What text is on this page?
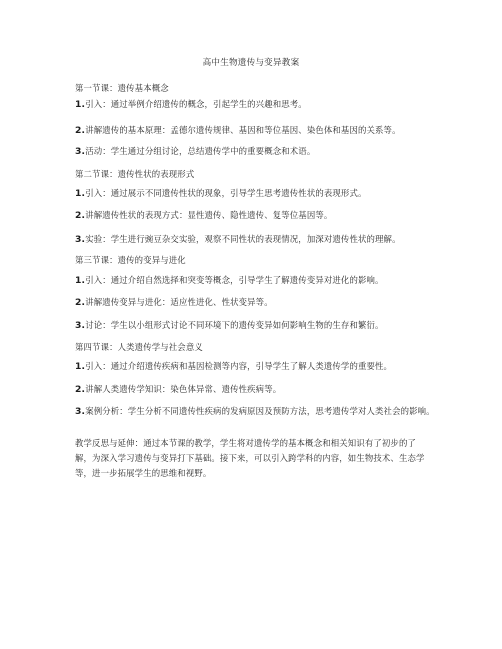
高中生物遗传与变异教案
第一节课：遗传基本概念
1.引入：通过举例介绍遗传的概念，引起学生的兴趣和思考。
2.讲解遗传的基本原理：孟德尔遗传规律、基因和等位基因、染色体和基因的关系等。
3.活动：学生通过分组讨论，总结遗传学中的重要概念和术语。
第二节课：遗传性状的表现形式
1.引入：通过展示不同遗传性状的现象，引导学生思考遗传性状的表现形式。
2.讲解遗传性状的表现方式：显性遗传、隐性遗传、复等位基因等。
3.实验：学生进行豌豆杂交实验，观察不同性状的表现情况，加深对遗传性状的理解。
第三节课：遗传的变异与进化
1.引入：通过介绍自然选择和突变等概念，引导学生了解遗传变异对进化的影响。
2.讲解遗传变异与进化：适应性进化、性状变异等。
3.讨论：学生以小组形式讨论不同环境下的遗传变异如何影响生物的生存和繁衍。
第四节课：人类遗传学与社会意义
1.引入：通过介绍遗传疾病和基因检测等内容，引导学生了解人类遗传学的重要性。
2.讲解人类遗传学知识：染色体异常、遗传性疾病等。
3.案例分析：学生分析不同遗传性疾病的发病原因及预防方法，思考遗传学对人类社会的影响。
教学反思与延伸：通过本节课的教学，学生将对遗传学的基本概念和相关知识有了初步的了解，为深入学习遗传与变异打下基础。接下来，可以引入跨学科的内容，如生物技术、生态学等，进一步拓展学生的思维和视野。
